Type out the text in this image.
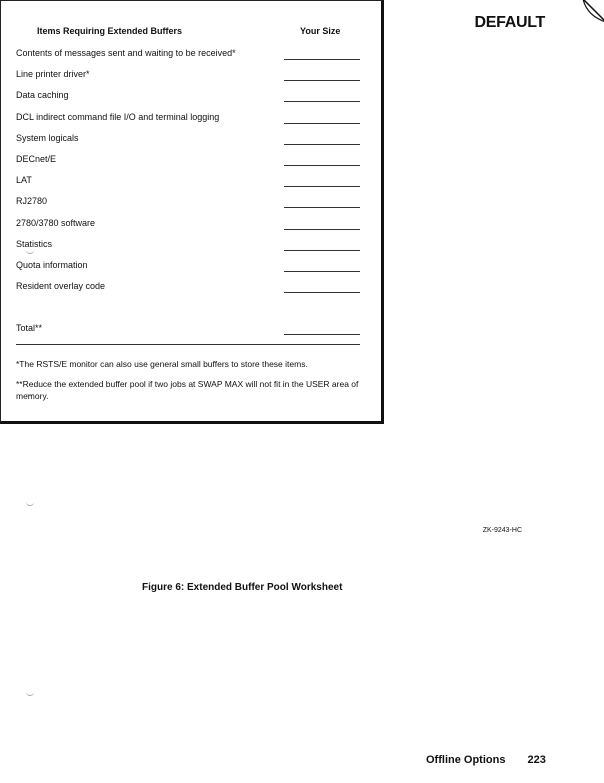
DEFAULT
Items Requiring Extended Buffers	Your Size
Contents of messages sent and waiting to be received*
Line printer driver*
Data caching
DCL indirect command file I/O and terminal logging
System logicals
DECnet/E
LAT
RJ2780
2780/3780 software
Statistics
Quota information
Resident overlay code
Total**
*The RSTS/E monitor can also use general small buffers to store these items.
**Reduce the extended buffer pool if two jobs at SWAP MAX will not fit in the USER area of memory.
ZK-9243-HC
Figure 6: Extended Buffer Pool Worksheet
Offline Options 223
